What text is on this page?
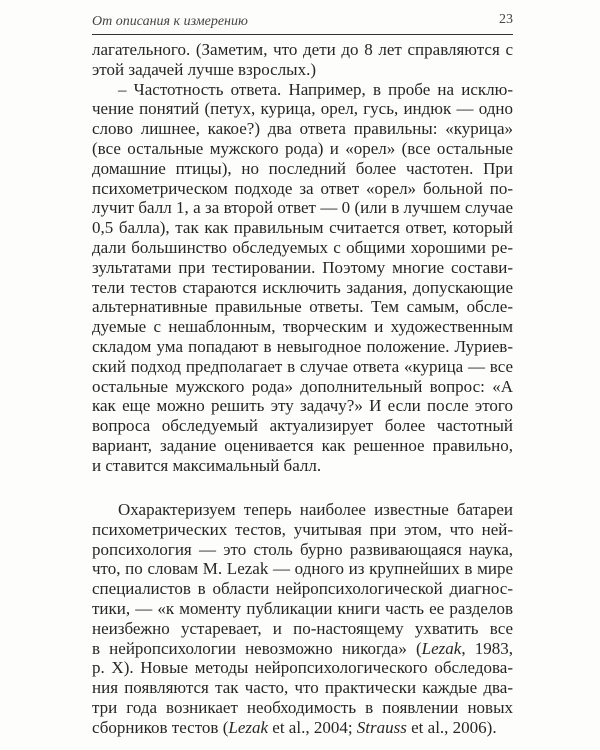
От описания к измерению	23
лагательного. (Заметим, что дети до 8 лет справляются с
этой задачей лучше взрослых.)
– Частотность ответа. Например, в пробе на исклю-
чение понятий (петух, курица, орел, гусь, индюк — одно
слово лишнее, какое?) два ответа правильны: «курица»
(все остальные мужского рода) и «орел» (все остальные
домашние птицы), но последний более частотен. При
психометрическом подходе за ответ «орел» больной по-
лучит балл 1, а за второй ответ — 0 (или в лучшем случае
0,5 балла), так как правильным считается ответ, который
дали большинство обследуемых с общими хорошими ре-
зультатами при тестировании. Поэтому многие состави-
тели тестов стараются исключить задания, допускающие
альтернативные правильные ответы. Тем самым, обсле-
дуемые с нешаблонным, творческим и художественным
складом ума попадают в невыгодное положение. Луриев-
ский подход предполагает в случае ответа «курица — все
остальные мужского рода» дополнительный вопрос: «А
как еще можно решить эту задачу?» И если после этого
вопроса обследуемый актуализирует более частотный
вариант, задание оценивается как решенное правильно,
и ставится максимальный балл.
Охарактеризуем теперь наиболее известные батареи
психометрических тестов, учитывая при этом, что ней-
ропсихология — это столь бурно развивающаяся наука,
что, по словам M. Lezak — одного из крупнейших в мире
специалистов в области нейропсихологической диагнос-
тики, — «к моменту публикации книги часть ее разделов
неизбежно устаревает, и по-настоящему ухватить все
в нейропсихологии невозможно никогда» (Lezak, 1983,
p. X). Новые методы нейропсихологического обследова-
ния появляются так часто, что практически каждые два-
три года возникает необходимость в появлении новых
сборников тестов (Lezak et al., 2004; Strauss et al., 2006).
